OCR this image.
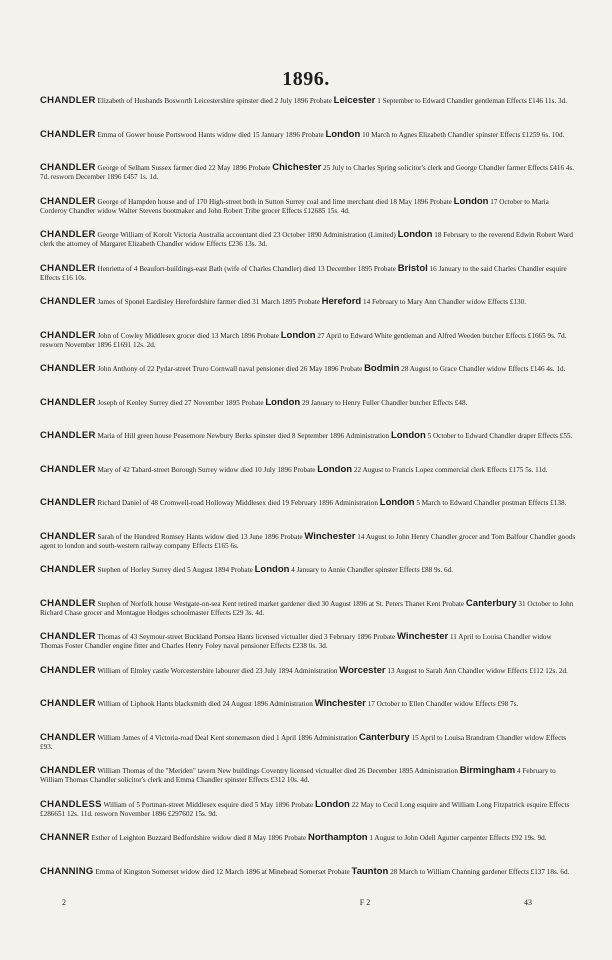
1896.
CHANDLER Elizabeth of Husbands Bosworth Leicestershire spinster died 2 July 1896 Probate Leicester 1 September to Edward Chandler gentleman Effects £146 11s. 3d.
CHANDLER Emma of Gower house Portswood Hants widow died 15 January 1896 Probate London 10 March to Agnes Elizabeth Chandler spinster Effects £1259 6s. 10d.
CHANDLER George of Selham Sussex farmer died 22 May 1896 Probate Chichester 25 July to Charles Spring solicitor's clerk and George Chandler farmer Effects £416 4s. 7d. resworn December 1896 £457 1s. 1d.
CHANDLER George of Hampden house and of 170 High-street both in Sutton Surrey coal and lime merchant died 18 May 1896 Probate London 17 October to Maria Corderoy Chandler widow Walter Stevens bootmaker and John Robert Tribe grocer Effects £12685 15s. 4d.
CHANDLER George William of Korolt Victoria Australia accountant died 23 October 1890 Administration (Limited) London 18 February to the reverend Edwin Robert Ward clerk the attorney of Margaret Elizabeth Chandler widow Effects £236 13s. 3d.
CHANDLER Henrietta of 4 Beaufort-buildings-east Bath (wife of Charles Chandler) died 13 December 1895 Probate Bristol 16 January to the said Charles Chandler esquire Effects £16 10s.
CHANDLER James of Sponel Eardisley Herefordshire farmer died 31 March 1895 Probate Hereford 14 February to Mary Ann Chandler widow Effects £130.
CHANDLER John of Cowley Middlesex grocer died 13 March 1896 Probate London 27 April to Edward White gentleman and Alfred Weeden butcher Effects £1665 9s. 7d. resworn November 1896 £1691 12s. 2d.
CHANDLER John Anthony of 22 Pydar-street Truro Cornwall naval pensioner died 26 May 1896 Probate Bodmin 28 August to Grace Chandler widow Effects £146 4s. 1d.
CHANDLER Joseph of Kenley Surrey died 27 November 1895 Probate London 29 January to Henry Fuller Chandler butcher Effects £48.
CHANDLER Maria of Hill green house Peasemore Newbury Berks spinster died 8 September 1896 Administration London 5 October to Edward Chandler draper Effects £55.
CHANDLER Mary of 42 Tabard-street Borough Surrey widow died 10 July 1896 Probate London 22 August to Francis Lopez commercial clerk Effects £175 5s. 11d.
CHANDLER Richard Daniel of 48 Cromwell-road Holloway Middlesex died 19 February 1896 Administration London 5 March to Edward Chandler postman Effects £138.
CHANDLER Sarah of the Hundred Romsey Hants widow died 13 June 1896 Probate Winchester 14 August to John Henry Chandler grocer and Tom Balfour Chandler goods agent to london and south-western railway company Effects £165 6s.
CHANDLER Stephen of Horley Surrey died 5 August 1894 Probate London 4 January to Annie Chandler spinster Effects £88 9s. 6d.
CHANDLER Stephen of Norfolk house Westgate-on-sea Kent retired market gardener died 30 August 1896 at St. Peters Thanet Kent Probate Canterbury 31 October to John Richard Chase grocer and Montague Hodges schoolmaster Effects £29 3s. 4d.
CHANDLER Thomas of 43 Seymour-street Buckland Portsea Hants licensed victualler died 3 February 1896 Probate Winchester 11 April to Louisa Chandler widow Thomas Foster Chandler engine fitter and Charles Henry Foley naval pensioner Effects £238 0s. 3d.
CHANDLER William of Elmley castle Worcestershire labourer died 23 July 1894 Administration Worcester 13 August to Sarah Ann Chandler widow Effects £112 12s. 2d.
CHANDLER William of Liphook Hants blacksmith died 24 August 1896 Administration Winchester 17 October to Ellen Chandler widow Effects £98 7s.
CHANDLER William James of 4 Victoria-road Deal Kent stonemason died 1 April 1896 Administration Canterbury 15 April to Louisa Brandram Chandler widow Effects £93.
CHANDLER William Thomas of the "Meriden" tavern New buildings Coventry licensed victualler died 26 December 1895 Administration Birmingham 4 February to William Thomas Chandler solicitor's clerk and Emma Chandler spinster Effects £312 10s. 4d.
CHANDLESS William of 5 Portman-street Middlesex esquire died 5 May 1896 Probate London 22 May to Cecil Long esquire and William Long Fitzpatrick esquire Effects £286651 12s. 11d. resworn November 1896 £297602 15s. 9d.
CHANNER Esther of Leighton Buzzard Bedfordshire widow died 8 May 1896 Probate Northampton 1 August to John Odell Agutter carpenter Effects £92 19s. 9d.
CHANNING Emma of Kingston Somerset widow died 12 March 1896 at Minehead Somerset Probate Taunton 28 March to William Channing gardener Effects £137 18s. 6d.
2	F 2	43
